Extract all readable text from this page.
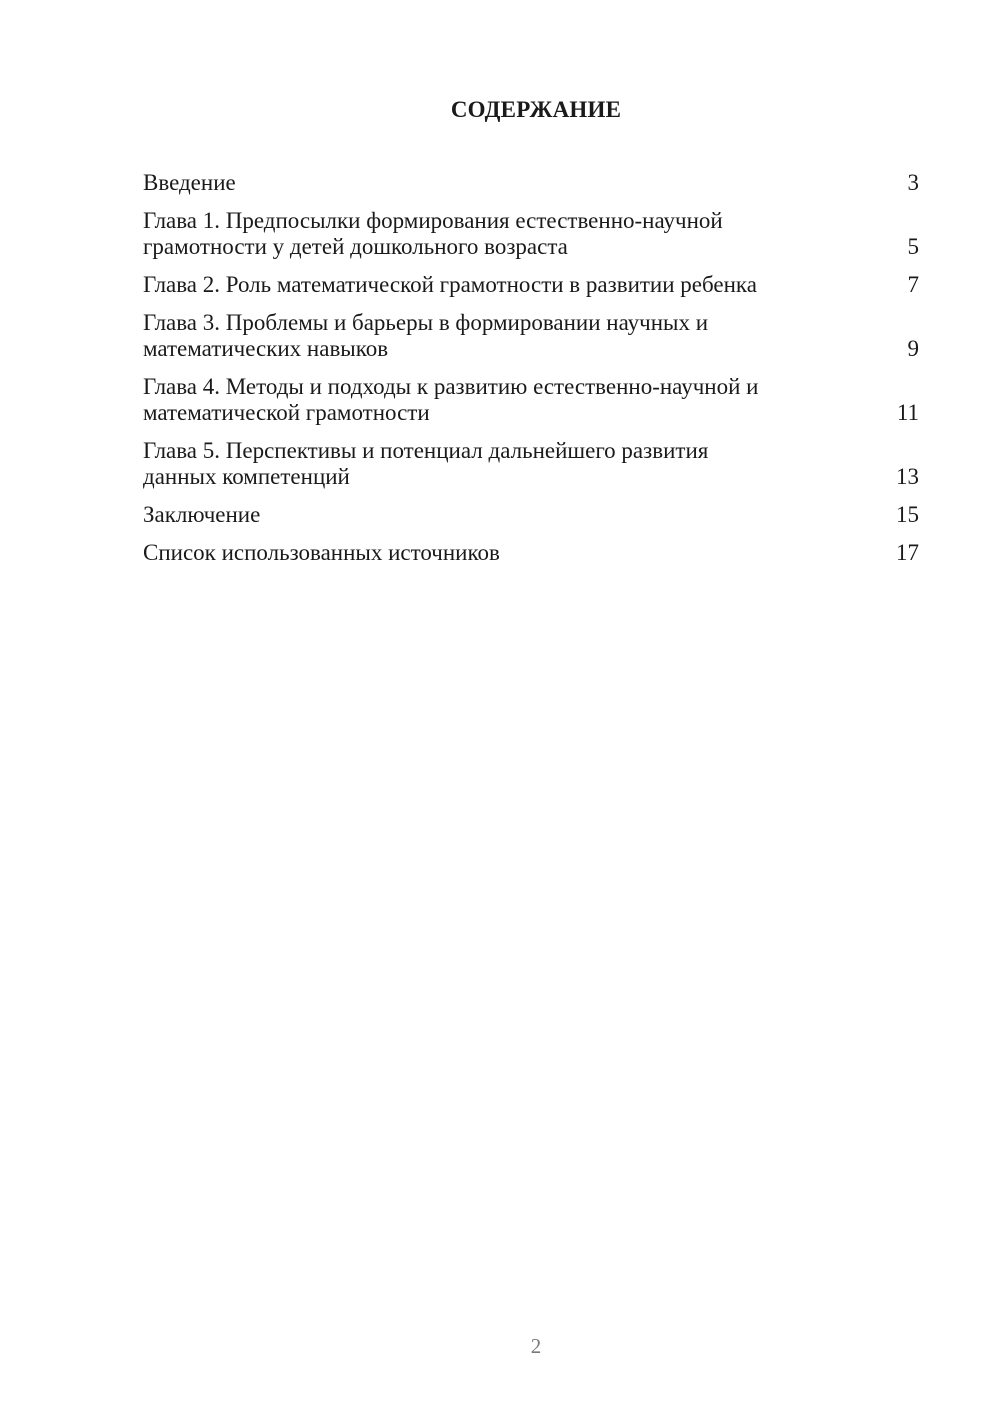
СОДЕРЖАНИЕ
Введение	3
Глава 1. Предпосылки формирования естественно-научной
грамотности у детей дошкольного возраста	5
Глава 2. Роль математической грамотности в развитии ребенка	7
Глава 3. Проблемы и барьеры в формировании научных и
математических навыков	9
Глава 4. Методы и подходы к развитию естественно-научной и
математической грамотности	11
Глава 5. Перспективы и потенциал дальнейшего развития
данных компетенций	13
Заключение	15
Список использованных источников	17
2
